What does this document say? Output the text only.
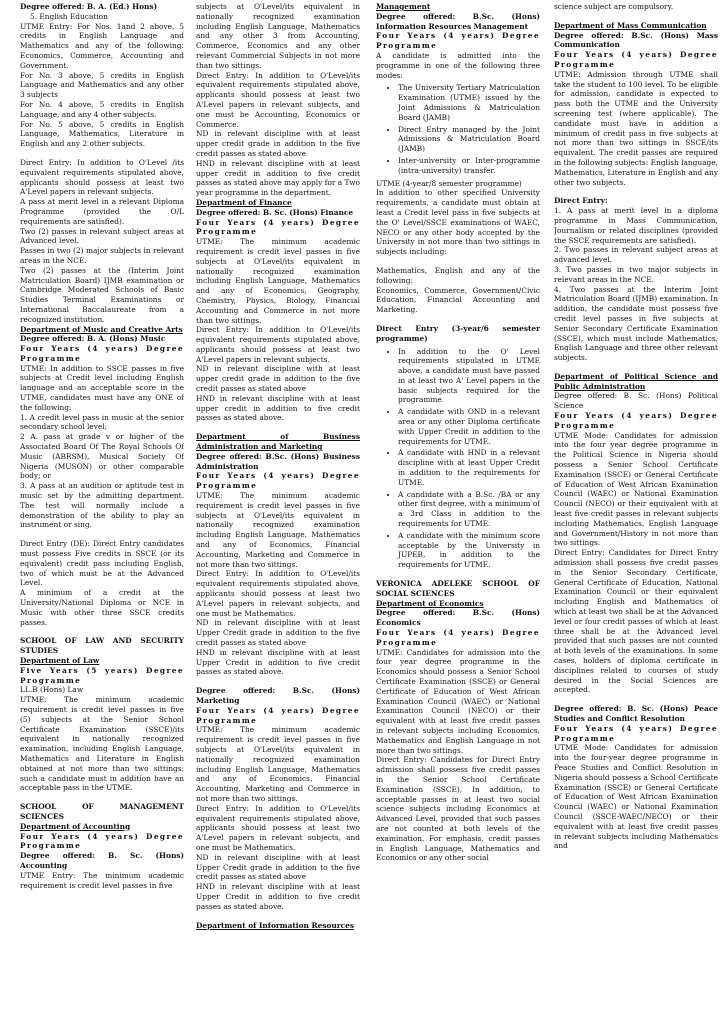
Degree offered: B. A. (Ed.) Hons)

5. English Education

UTME Entry: For Nos. 1and 2 above, 5 credits in English Language and Mathematics and any of the following: Economics, Commerce, Accounting and Government.

For No. 3 above, 5 credits in English Language and Mathematics and any other 3 subjects

For No. 4 above, 5 credits in English Language, and any 4 other subjects.

For No. 5 above, 5 credits in English Language, Mathematics, Literature in English and any 2 other subjects.

Direct Entry: In addition to O'Level /its equivalent requirements stipulated above, applicants should possess at least two A'Level papers in relevant subjects.

A pass at merit level in a relevant Diploma Programme (provided the O/L requirements are satisfied).

Two (2) passes in relevant subject areas at Advanced level.

Passes in two (2) major subjects in relevant areas in the NCE.

Two (2) passes at the (Interim Joint Matriculation Board) IJMB examination or Cambridge Moderated Schools of Basic Studies Terminal Examinations or International Baccalaureate from a recognized institution.

Department of Music and Creative Arts

Degree offered: B. A. (Hons) Music

Four Years (4 years) Degree Programme

UTME: In addition to SSCE passes in five subjects at Credit level including English language and an acceptable score in the UTME, candidates must have any ONE of the following:

1. A credit level pass in music at the senior secondary school level;

2 A. pass at grade v or higher of the Associated Board Of The Royal Schools Of Music (ABRSM), Musical Society Of Nigeria (MUSON) or other comparable body; or

3. A pass at an audition or aptitude test in music set by the admitting department. The test will normally include a demonstration of the ability to play an instrument or sing.

Direct Entry (DE): Direct Entry candidates must possess Five credits in SSCE (or its equivalent) credit pass including English, two of which must be at the Advanced Level.

A minimum of a credit at the University/National Diploma or NCE in Music with other three SSCE credits passes.

SCHOOL OF LAW AND SECURITY STUDIES

Department of Law

Five Years (5 years) Degree Programme

LL.B (Hons) Law

UTME: The minimum academic requirement is credit level passes in five (5) subjects at the Senior School Certificate Examination (SSCE)/its equivalent in nationally recognized examination, including English Language, Mathematics and Literature in English obtained at not more than two sittings; such a candidate must in addition have an acceptable pass in the UTME.

SCHOOL OF MANAGEMENT SCIENCES

Department of Accounting

Four Years (4 years) Degree Programme

Degree offered: B. Sc. (Hons) Accounting

UTME Entry: The minimum academic requirement is credit level passes in five

subjects at O'Level/its equivalent in nationally recognized examination including English Language, Mathematics and any other 3 from Accounting, Commerce, Economics and any other relevant Commercial Subjects in not more than two sittings.

Direct Entry: In addition to O'Level/its equivalent requirements stipulated above, applicants should possess at least two A'Level papers in relevant subjects, and one must be Accounting, Economics or Commerce.

ND in relevant discipline with at least upper credit grade in addition to the five credit passes as stated above

HND in relevant discipline with at least upper credit in addition to five credit passes as stated above may apply for a Two year programme in the department.

Department of Finance

Degree offered: B. Sc. (Hons) Finance

Four Years (4 years) Degree Programme

UTME: The minimum academic requirement is credit level passes in five subjects at O'Level/its equivalent in nationally recognized examination including English Language, Mathematics and any of Economics, Geography, Chemistry, Physics, Biology, Financial Accounting and Commerce in not more than two sittings.

Direct Entry: In addition to O'Level/its equivalent requirements stipulated above, applicants should possess at least two A'Level papers in relevant subjects.

ND in relevant discipline with at least upper credit grade in addition to the five credit passes as stated above

HND in relevant discipline with at least upper credit in addition to five credit passes as stated above.

Department of Business Administration and Marketing

Degree offered: B.Sc. (Hons) Business Administration

Four Years (4 years) Degree Programme

UTME: The minimum academic requirement is credit level passes in five subjects at O'Level/its equivalent in nationally recognized examination including English Language, Mathematics and any of Economics, Financial Accounting, Marketing and Commerce in not more than two sittings.

Direct Entry: In addition to O'Level/its equivalent requirements stipulated above, applicants should possess at least two A'Level papers in relevant subjects, and one must be Mathematics.

ND in relevant discipline with at least Upper Credit grade in addition to the five credit passes as stated above

HND in relevant discipline with at least Upper Credit in addition to five credit passes as stated above.

Degree offered: B.Sc. (Hons) Marketing

Four Years (4 years) Degree Programme

UTME: The minimum academic requirement is credit level passes in five subjects at O'Level/its equivalent in nationally recognized examination including English Language, Mathematics and any of Economics, Financial Accounting, Marketing and Commerce in not more than two sittings.

Direct Entry: In addition to O'Level/its equivalent requirements stipulated above, applicants should possess at least two A'Level papers in relevant subjects, and one must be Mathematics.

ND in relevant discipline with at least Upper Credit grade in addition to the five credit passes as stated above

HND in relevant discipline with at least Upper Credit in addition to five credit passes as stated above.

Department of Information Resources

Management

Degree offered: B.Sc. (Hons) Information Resources Management

Four Years (4 years) Degree Programme

A candidate is admitted into the programme in one of the following three modes:

• The University Tertiary Matriculation Examination (UTME) issued by the Joint Admissions & Matriculation Board (JAMB)
• Direct Entry managed by the Joint Admissions & Matriculation Board (JAMB)
• Inter-university or Inter-programme (intra-university) transfer.

UTME (4-year/8 semester programme)

In addition to other specified University requirements, a candidate must obtain at least a Credit level pass in five subjects at the O' Level/SSCE examinations of WAEC, NECO or any other body accepted by the University in not more than two sittings in subjects including:

Mathematics, English and any of the following:

Economics, Commerce, Government/Civic Education, Financial Accounting and Marketing.

Direct Entry (3-year/6 semester programme)

• In addition to the O' Level requirements stipulated in UTME above, a candidate must have passed in at least two A' Level papers in the basic subjects required for the programme.
• A candidate with OND in a relevant area or any other Diploma certificate with Upper Credit in addition to the requirements for UTME.
• A candidate with HND in a relevant discipline with at least Upper Credit in addition to the requirements for UTME.
• A candidate with a B.Sc. /BA or any other first degree, with a minimum of a 3rd Class in addition to the requirements for UTME.
• A candidate with the minimum score acceptable by the University in JUPEB, in addition to the requirements for UTME.

VERONICA ADELEKE SCHOOL OF SOCIAL SCIENCES

Department of Economics

Degree offered: B.Sc. (Hons) Economics

Four Years (4 years) Degree Programme

UTME: Candidates for admission into the four year degree programme in the Economics should possess a Senior School Certificate Examination (SSCE) or General Certificate of Education of West African Examination Council (WAEC) or National Examination Council (NECO) or their equivalent with at least five credit passes in relevant subjects including Economics, Mathematics and English Language in not more than two sittings.

Direct Entry: Candidates for Direct Entry admission shall possess five credit passes in the Senior School Certificate Examination (SSCE), In addition, to acceptable passes in at least two social science subjects including Economics at Advanced Level, provided that such passes are not counted at both levels of the examination. For emphasis, credit passes in English Language, Mathematics and Economics or any other social

science subject are compulsory.

Department of Mass Communication

Degree offered: B.Sc. (Hons) Mass Communication

Four Years (4 years) Degree Programme

UTME: Admission through UTME shall take the student to 100 level. To be eligible for admission, candidate is expected to pass both the UTME and the University screening test (where applicable). The candidate must have in addition a minimum of credit pass in five subjects at not more than two sittings in SSCE/its equivalent. The credit passes are required in the following subjects: English language, Mathematics, Literature in English and any other two subjects.

Direct Entry:

1. A pass at merit level in a diploma programme in Mass Communication, Journalism or related disciplines (provided the SSCE requirements are satisfied).

2. Two passes in relevant subject areas at advanced level.

3. Two passes in two major subjects in relevant areas in the NCE.

4. Two passes at the Interim Joint Matriculation Board (IJMB) examination. In addition, the candidate must possess five credit level passes in five subjects at Senior Secondary Certificate Examination (SSCE), which must include Mathematics, English Language and three other relevant subjects.

Department of Political Science and Public Administration

Degree offered: B. Sc. (Hons) Political Science

Four Years (4 years) Degree Programme

UTME Mode: Candidates for admission into the four year degree programme in the Political Science in Nigeria should possess a Senior School Certificate Examination (SSCE) or General Certificate of Education of West African Examination Council (WAEC) or National Examination Council (NECO) or their equivalent with at least five credit passes in relevant subjects including Mathematics, English Language and Government/History in not more than two sittings.

Direct Entry: Candidates for Direct Entry admission shall possess five credit passes in the Senior Secondary Certificate, General Certificate of Education, National Examination Council or their equivalent including English and Mathematics of which at least two shall be at the Advanced level or four credit passes of which at least three shall be at the Advanced level provided that such passes are not counted at both levels of the examinations. In some cases, holders of diploma certificate in disciplines related to courses of study desired in the Social Sciences are accepted.

Degree offered: B. Sc. (Hons) Peace Studies and Conflict Resolution

Four Years (4 years) Degree Programme

UTME Mode: Candidates for admission into the four-year degree programme in Peace Studies and Conflict Resolution in Nigeria should possess a School Certificate Examination (SSCE) or General Certificate of Education of West African Examination Council (WAEC) or National Examination Council (SSCE-WAEC/NECO) or their equivalent with at least five credit passes in relevant subjects including Mathematics and
